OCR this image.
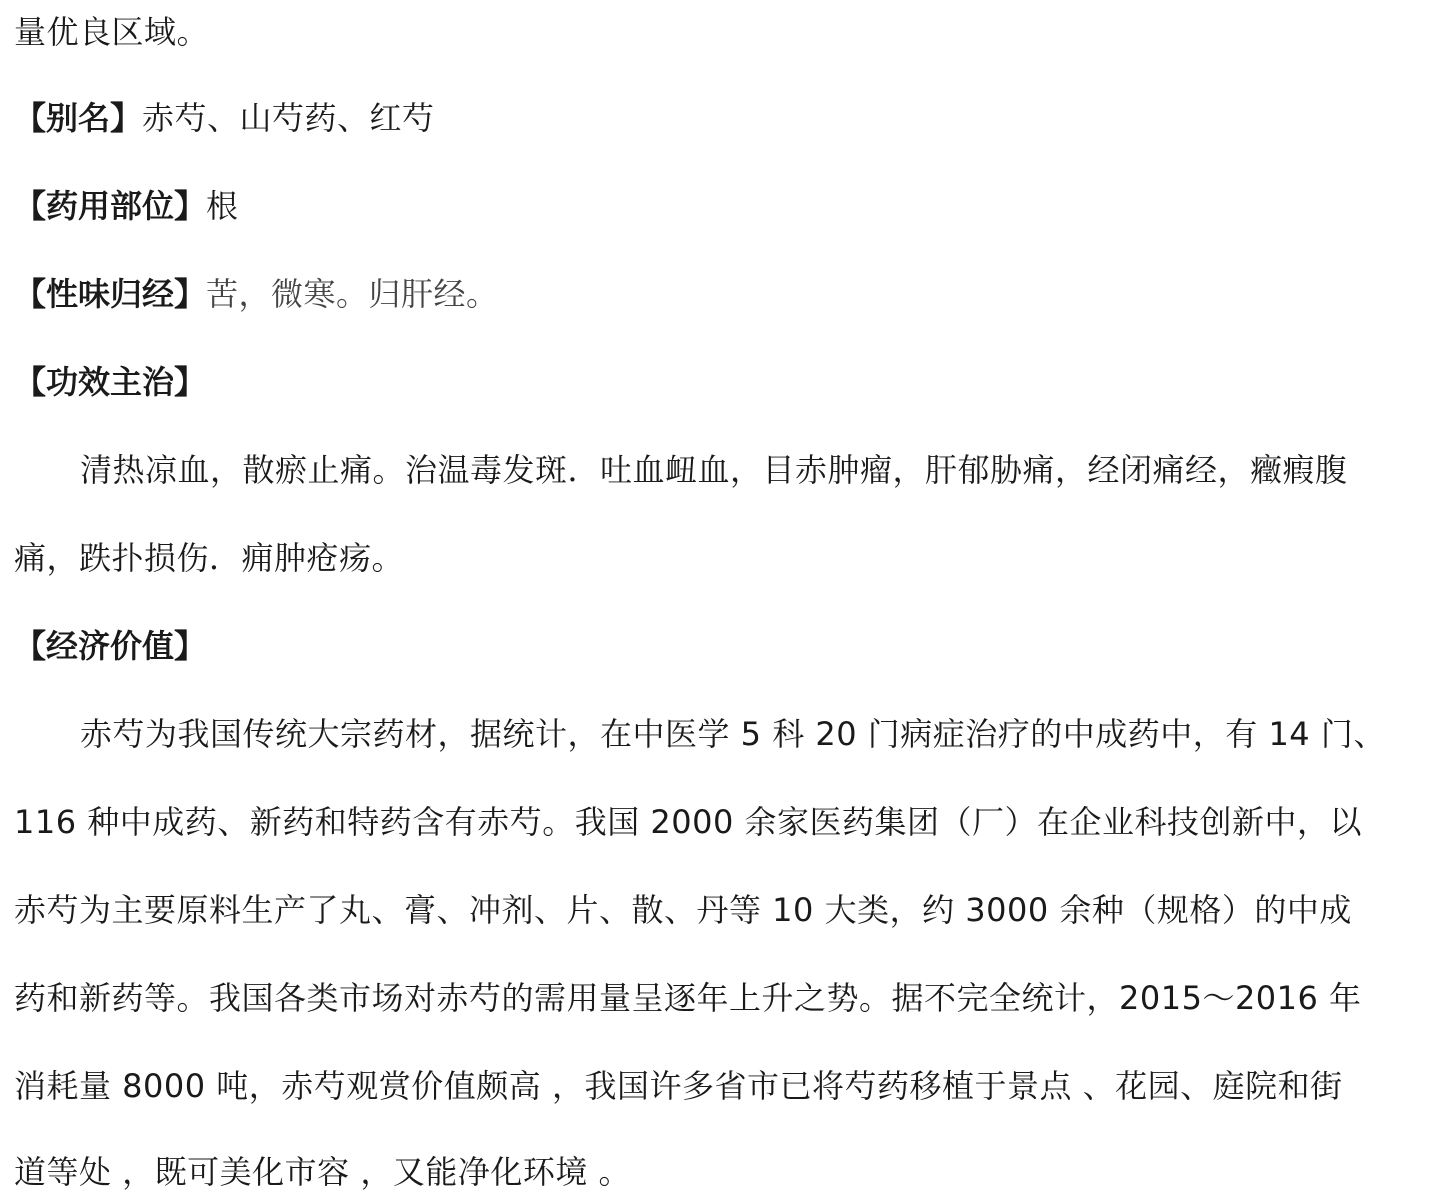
量优良区域。
【别名】赤芍、山芍药、红芍
【药用部位】根
【性味归经】苦，微寒。归肝经。
【功效主治】
清热凉血，散瘀止痛。治温毒发斑．吐血衄血，目赤肿瘤，肝郁胁痛，经闭痛经，癥瘕腹
痛，跌扑损伤．痈肿疮疡。
【经济价值】
赤芍为我国传统大宗药材，据统计，在中医学 5 科 20 门病症治疗的中成药中，有 14 门、
116 种中成药、新药和特药含有赤芍。我国 2000 余家医药集团（厂）在企业科技创新中，以
赤芍为主要原料生产了丸、膏、冲剂、片、散、丹等 10 大类，约 3000 余种（规格）的中成
药和新药等。我国各类市场对赤芍的需用量呈逐年上升之势。据不完全统计，2015～2016 年
消耗量 8000 吨，赤芍观赏价值颇高 ，我国许多省市已将芍药移植于景点 、花园、庭院和街
道等处 ，既可美化市容 ，又能净化环境 。
